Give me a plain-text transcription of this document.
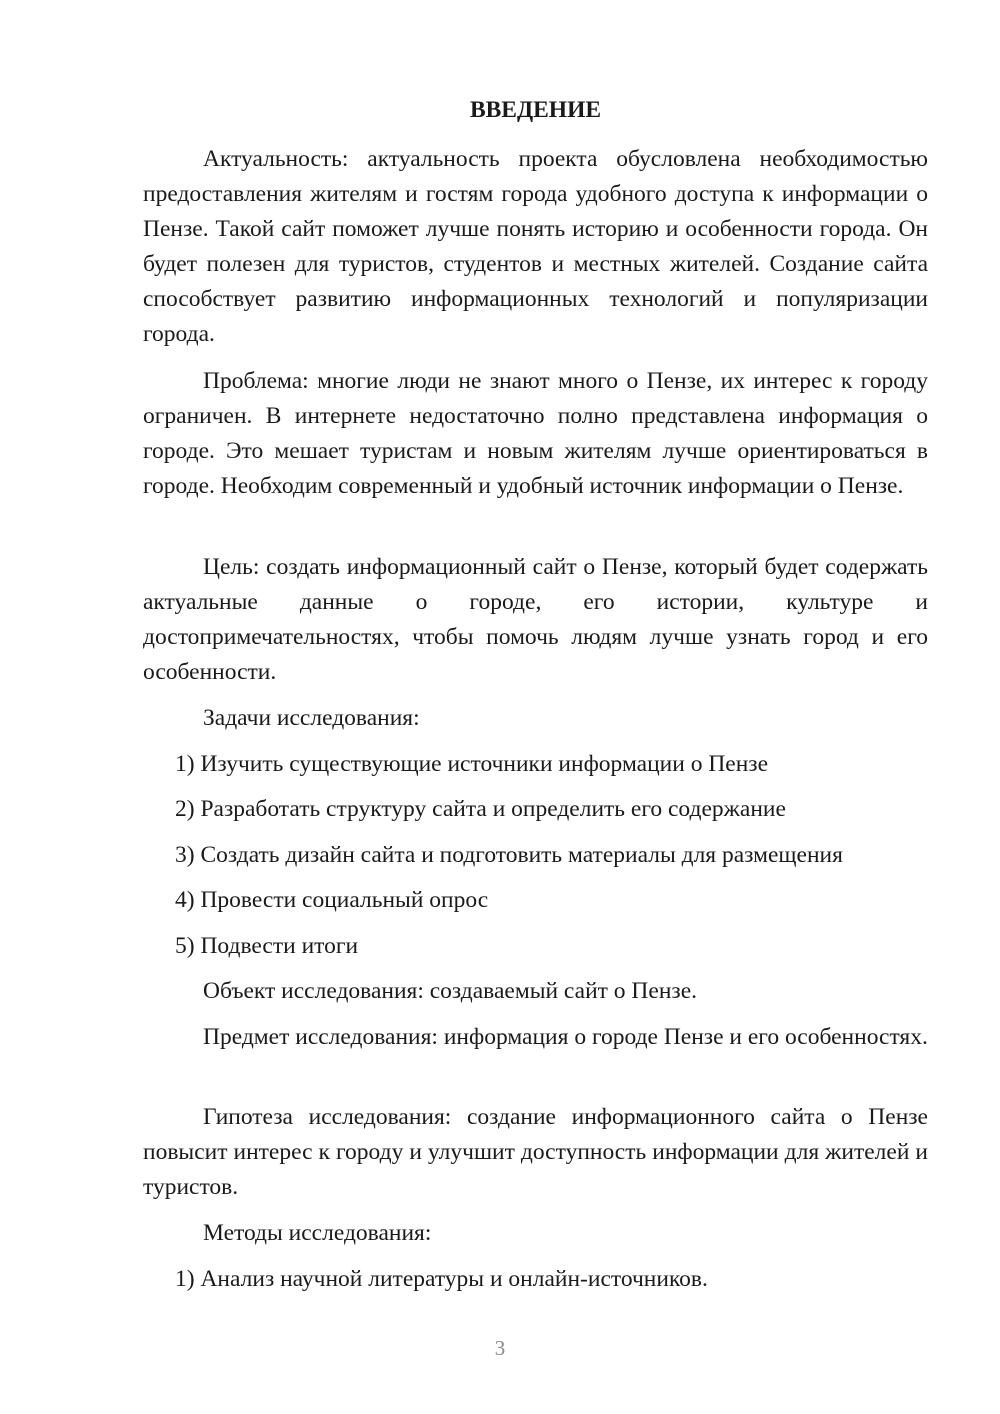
ВВЕДЕНИЕ

Актуальность: актуальность проекта обусловлена необходимостью предоставления жителям и гостям города удобного доступа к информации о Пензе. Такой сайт поможет лучше понять историю и особенности города. Он будет полезен для туристов, студентов и местных жителей. Создание сайта способствует развитию информационных технологий и популяризации города.

Проблема: многие люди не знают много о Пензе, их интерес к городу ограничен. В интернете недостаточно полно представлена информация о городе. Это мешает туристам и новым жителям лучше ориентироваться в городе. Необходим современный и удобный источник информации о Пензе.

Цель: создать информационный сайт о Пензе, который будет содержать актуальные данные о городе, его истории, культуре и достопримечательностях, чтобы помочь людям лучше узнать город и его особенности.

Задачи исследования:

1) Изучить существующие источники информации о Пензе

2) Разработать структуру сайта и определить его содержание

3) Создать дизайн сайта и подготовить материалы для размещения

4) Провести социальный опрос

5) Подвести итоги

Объект исследования: создаваемый сайт о Пензе.

Предмет исследования: информация о городе Пензе и его особенностях.

Гипотеза исследования: создание информационного сайта о Пензе повысит интерес к городу и улучшит доступность информации для жителей и туристов.

Методы исследования:

1) Анализ научной литературы и онлайн-источников.

3
